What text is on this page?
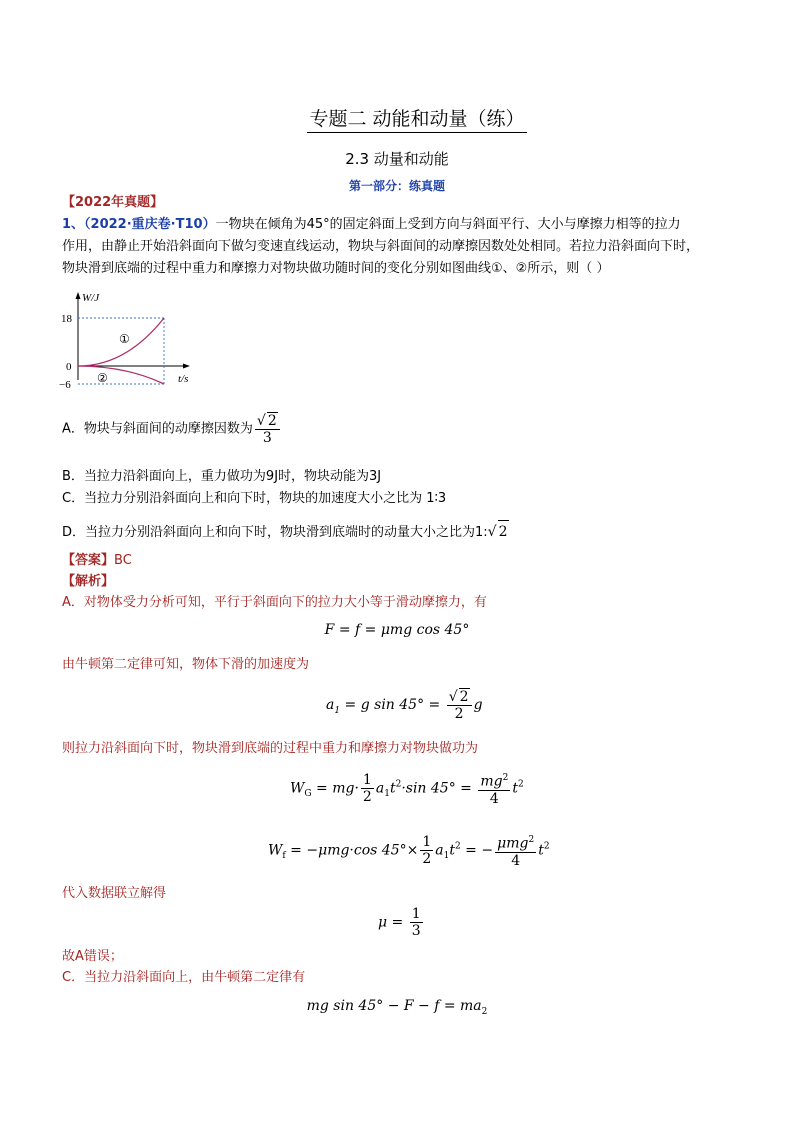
专题二 动能和动量（练）
2.3 动量和动能
第一部分：练真题
【2022年真题】
1、（2022·重庆卷·T10）一物块在倾角为45°的固定斜面上受到方向与斜面平行、大小与摩擦力相等的拉力
作用，由静止开始沿斜面向下做匀变速直线运动，物块与斜面间的动摩擦因数处处相同。若拉力沿斜面向下时，
物块滑到底端的过程中重力和摩擦力对物块做功随时间的变化分别如图曲线①、②所示，则（ ）
W/J
18
0
−6	t/s
①
②
A．物块与斜面间的动摩擦因数为 $\frac{√ 2}{3}$
B．当拉力沿斜面向上，重力做功为9J时，物块动能为3J
C．当拉力分别沿斜面向上和向下时，物块的加速度大小之比为 1∶3
D．当拉力分别沿斜面向上和向下时，物块滑到底端时的动量大小之比为1:√ 2
【答案】BC
【解析】
A．对物体受力分析可知，平行于斜面向下的拉力大小等于滑动摩擦力，有
F = f = μmg cos 45°
由牛顿第二定律可知，物体下滑的加速度为
$a_1 = g$ $\sin 45^\circ = \frac{√ 2}{2}$ g
则拉力沿斜面向下时，物块滑到底端的过程中重力和摩擦力对物块做功为
$W_G = mg\cdot \frac{1}{2} a_1t^2\cdot\sin$ $45^\circ = \frac{mg^2}{4} t^2$
$W_f = -\mu mg\cdot\cos$ $45^\circ\times \frac{1}{2} a_1t^2$ = − $\frac{\mu mg^2}{4} t^2$
代入数据联立解得
$\mu = \frac{1}{3}$
故A错误；
C．当拉力沿斜面向上，由牛顿第二定律有
mg $\sin 45^\circ - F - f = ma_2$
